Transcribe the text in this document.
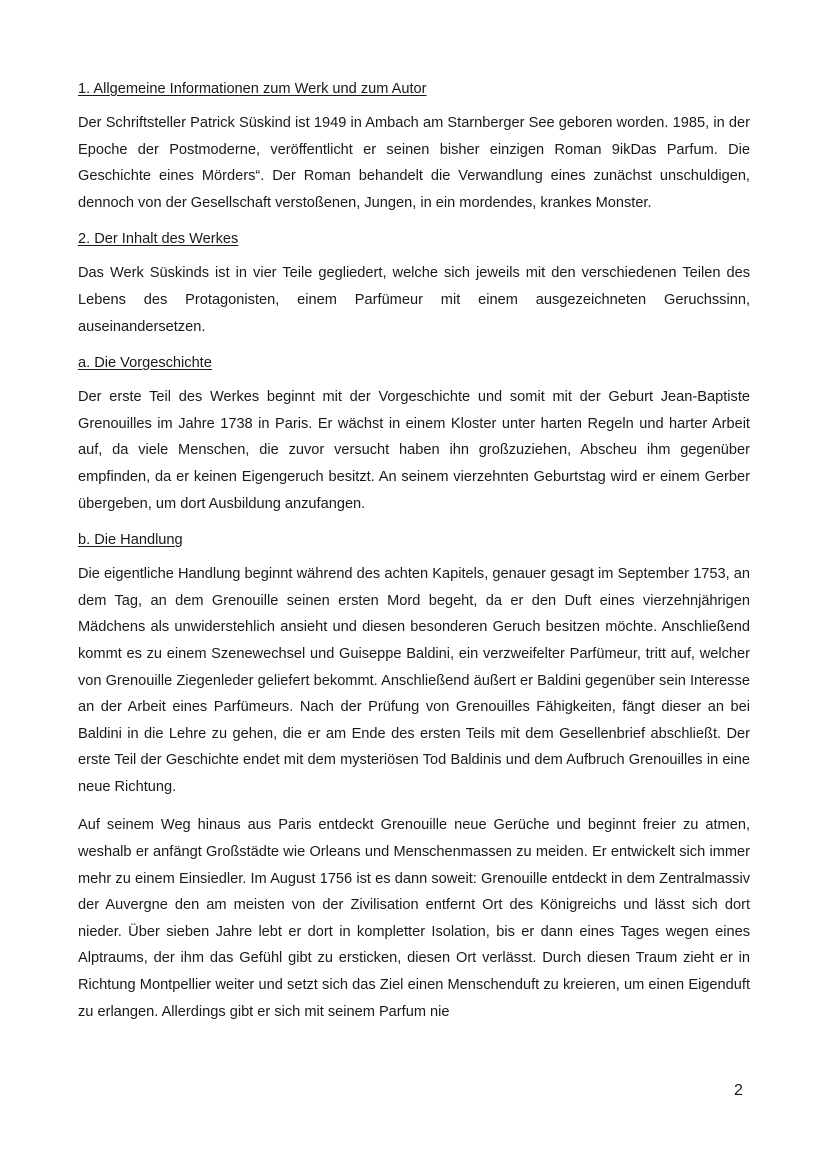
1. Allgemeine Informationen zum Werk und zum Autor

Der Schriftsteller Patrick Süskind ist 1949 in Ambach am Starnberger See geboren worden. 1985, in der Epoche der Postmoderne, veröffentlicht er seinen bisher einzigen Roman 9ikDas Parfum. Die Geschichte eines Mörders“. Der Roman behandelt die Verwandlung eines zunächst unschuldigen, dennoch von der Gesellschaft verstoßenen, Jungen, in ein mordendes, krankes Monster.

2. Der Inhalt des Werkes

Das Werk Süskinds ist in vier Teile gegliedert, welche sich jeweils mit den verschiedenen Teilen des Lebens des Protagonisten, einem Parfümeur mit einem ausgezeichneten Geruchssinn, auseinandersetzen.

a. Die Vorgeschichte

Der erste Teil des Werkes beginnt mit der Vorgeschichte und somit mit der Geburt Jean-Baptiste Grenouilles im Jahre 1738 in Paris. Er wächst in einem Kloster unter harten Regeln und harter Arbeit auf, da viele Menschen, die zuvor versucht haben ihn großzuziehen, Abscheu ihm gegenüber empfinden, da er keinen Eigengeruch besitzt. An seinem vierzehnten Geburtstag wird er einem Gerber übergeben, um dort Ausbildung anzufangen.

b. Die Handlung

Die eigentliche Handlung beginnt während des achten Kapitels, genauer gesagt im September 1753, an dem Tag, an dem Grenouille seinen ersten Mord begeht, da er den Duft eines vierzehnjährigen Mädchens als unwiderstehlich ansieht und diesen besonderen Geruch besitzen möchte. Anschließend kommt es zu einem Szenewechsel und Guiseppe Baldini, ein verzweifelter Parfümeur, tritt auf, welcher von Grenouille Ziegenleder geliefert bekommt. Anschließend äußert er Baldini gegenüber sein Interesse an der Arbeit eines Parfümeurs. Nach der Prüfung von Grenouilles Fähigkeiten, fängt dieser an bei Baldini in die Lehre zu gehen, die er am Ende des ersten Teils mit dem Gesellenbrief abschließt. Der erste Teil der Geschichte endet mit dem mysteriösen Tod Baldinis und dem Aufbruch Grenouilles in eine neue Richtung.

Auf seinem Weg hinaus aus Paris entdeckt Grenouille neue Gerüche und beginnt freier zu atmen, weshalb er anfängt Großstädte wie Orleans und Menschenmassen zu meiden. Er entwickelt sich immer mehr zu einem Einsiedler. Im August 1756 ist es dann soweit: Grenouille entdeckt in dem Zentralmassiv der Auvergne den am meisten von der Zivilisation entfernt Ort des Königreichs und lässt sich dort nieder. Über sieben Jahre lebt er dort in kompletter Isolation, bis er dann eines Tages wegen eines Alptraums, der ihm das Gefühl gibt zu ersticken, diesen Ort verlässt. Durch diesen Traum zieht er in Richtung Montpellier weiter und setzt sich das Ziel einen Menschenduft zu kreieren, um einen Eigenduft zu erlangen. Allerdings gibt er sich mit seinem Parfum nie

2
